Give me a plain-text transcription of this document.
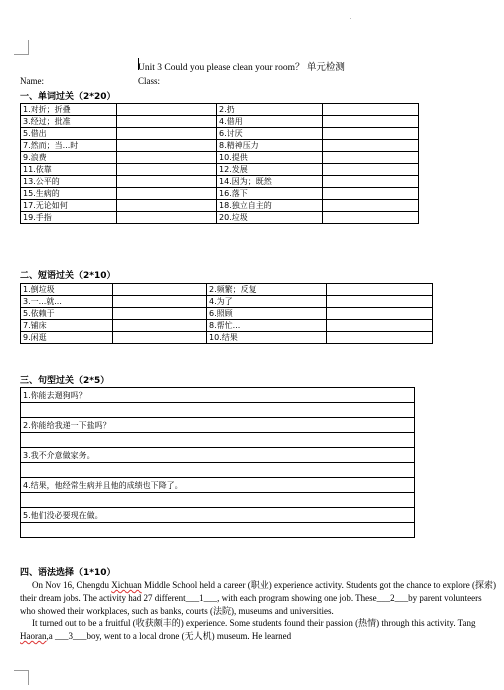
Unit 3 Could you please clean your room？ 单元检测
Name:	Class:
一、单词过关（2*20）
1.对折；折叠		2.扔	
3.经过；批准		4.借用	
5.借出		6.讨厌	
7.然而；当...时		8.精神压力	
9.浪费		10.提供	
11.依靠		12.发展	
13.公平的		14.因为；既然	
15.生病的		16.落下	
17.无论如何		18.独立自主的	
19.手指		20.垃圾	
二、短语过关（2*10）
1.倒垃圾		2.频繁；反复	
3.一...就...		4.为了	
5.依赖于		6.照顾	
7.铺床		8.帮忙...	
9.闲逛		10.结果	
三、句型过关（2*5）
1.你能去遛狗吗？

2.你能给我递一下盐吗？

3.我不介意做家务。

4.结果，他经常生病并且他的成绩也下降了。

5.他们没必要现在做。

四、语法选择（1*10）

On Nov 16, Chengdu Xichuan Middle School held a career (职业) experience activity. Students got the chance to explore (探索) their dream jobs. The activity had 27 different___1___, with each program showing one job. These___2___by parent volunteers who showed their workplaces, such as banks, courts (法院), museums and universities.

It turned out to be a fruitful (收获颇丰的) experience. Some students found their passion (热情) through this activity. Tang Haoran,a ___3___boy, went to a local drone (无人机) museum. He learned
